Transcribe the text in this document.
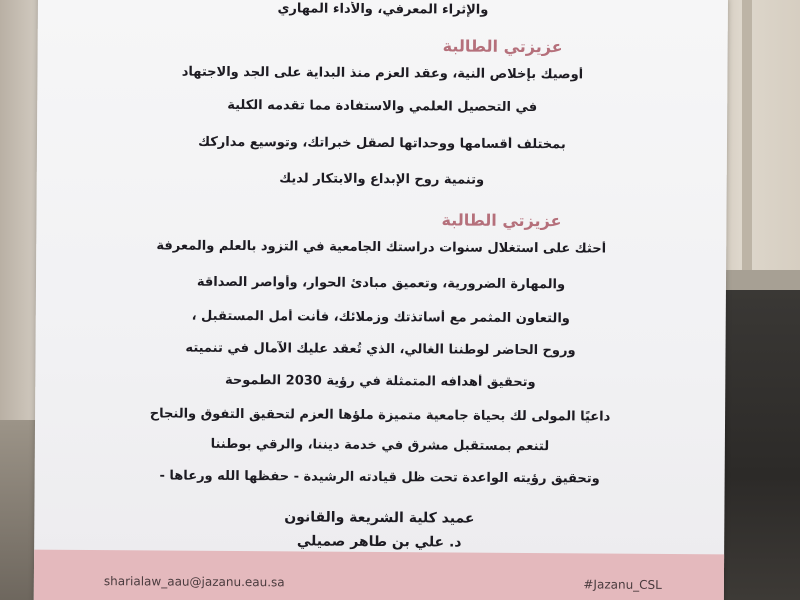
والإثراء المعرفي، والأداء المهاري
عزيزتي الطالبة
أوصيك بإخلاص النية، وعقد العزم منذ البداية على الجد والاجتهاد
في التحصيل العلمي والاستفادة مما تقدمه الكلية
بمختلف أقسامها ووحداتها لصقل خبراتك، وتوسيع مداركك
وتنمية روح الإبداع والابتكار لديك
عزيزتي الطالبة
أحثك على استغلال سنوات دراستك الجامعية في التزود بالعلم والمعرفة
والمهارة الضرورية، وتعميق مبادئ الحوار، وأواصر الصداقة
والتعاون المثمر مع أساتذتك وزملائك، فأنت أمل المستقبل ،
وروح الحاضر لوطننا الغالي، الذي تُعقد عليك الآمال في تنميته
وتحقيق أهدافه المتمثلة في رؤية 2030 الطموحة
داعيًا المولى لك بحياة جامعية متميزة ملؤها العزم لتحقيق التفوق والنجاح
لتنعم بمستقبل مشرق في خدمة ديننا، والرقي بوطننا
وتحقيق رؤيته الواعدة تحت ظل قيادته الرشيدة - حفظها الله ورعاها -
عميد كلية الشريعة والقانون
د. علي بن طاهر صميلي
sharialaw_aau@jazanu.eau.sa	#Jazanu_CSL
